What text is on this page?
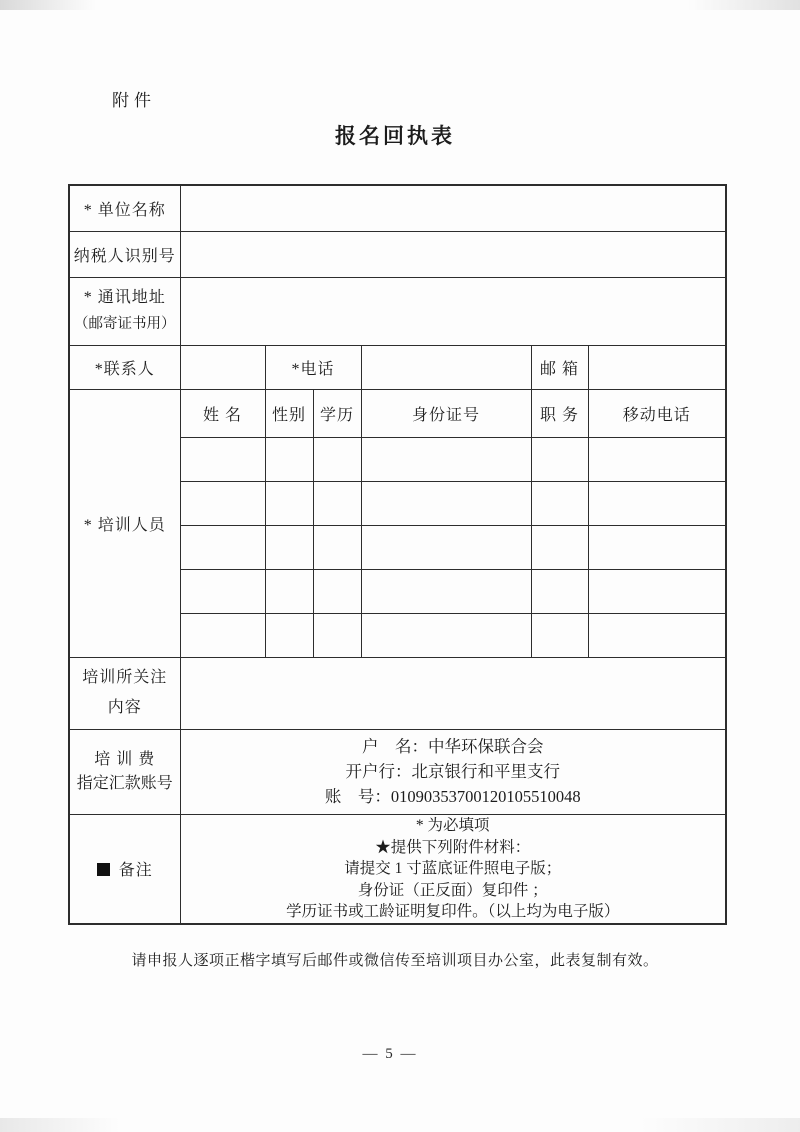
附件
报名回执表
* 单位名称						
纳税人识别号						

* 通讯地址
（邮寄证书用）						

*联系人		*电话			邮 箱	
* 培训人员	姓 名	性别	学历	身份证号	职 务	移动电话

培训所关注
内容						

培 训 费
指定汇款账号

户　名：中华环保联合会
开户行：北京银行和平里支行
账　号：01090353700120105510048

备注	* 为必填项
★提供下列附件材料：
请提交 1 寸蓝底证件照电子版；
身份证（正反面）复印件 ；
学历证书或工龄证明复印件。（以上均为电子版）					

请申报人逐项正楷字填写后邮件或微信传至培训项目办公室，此表复制有效。

— 5 —
